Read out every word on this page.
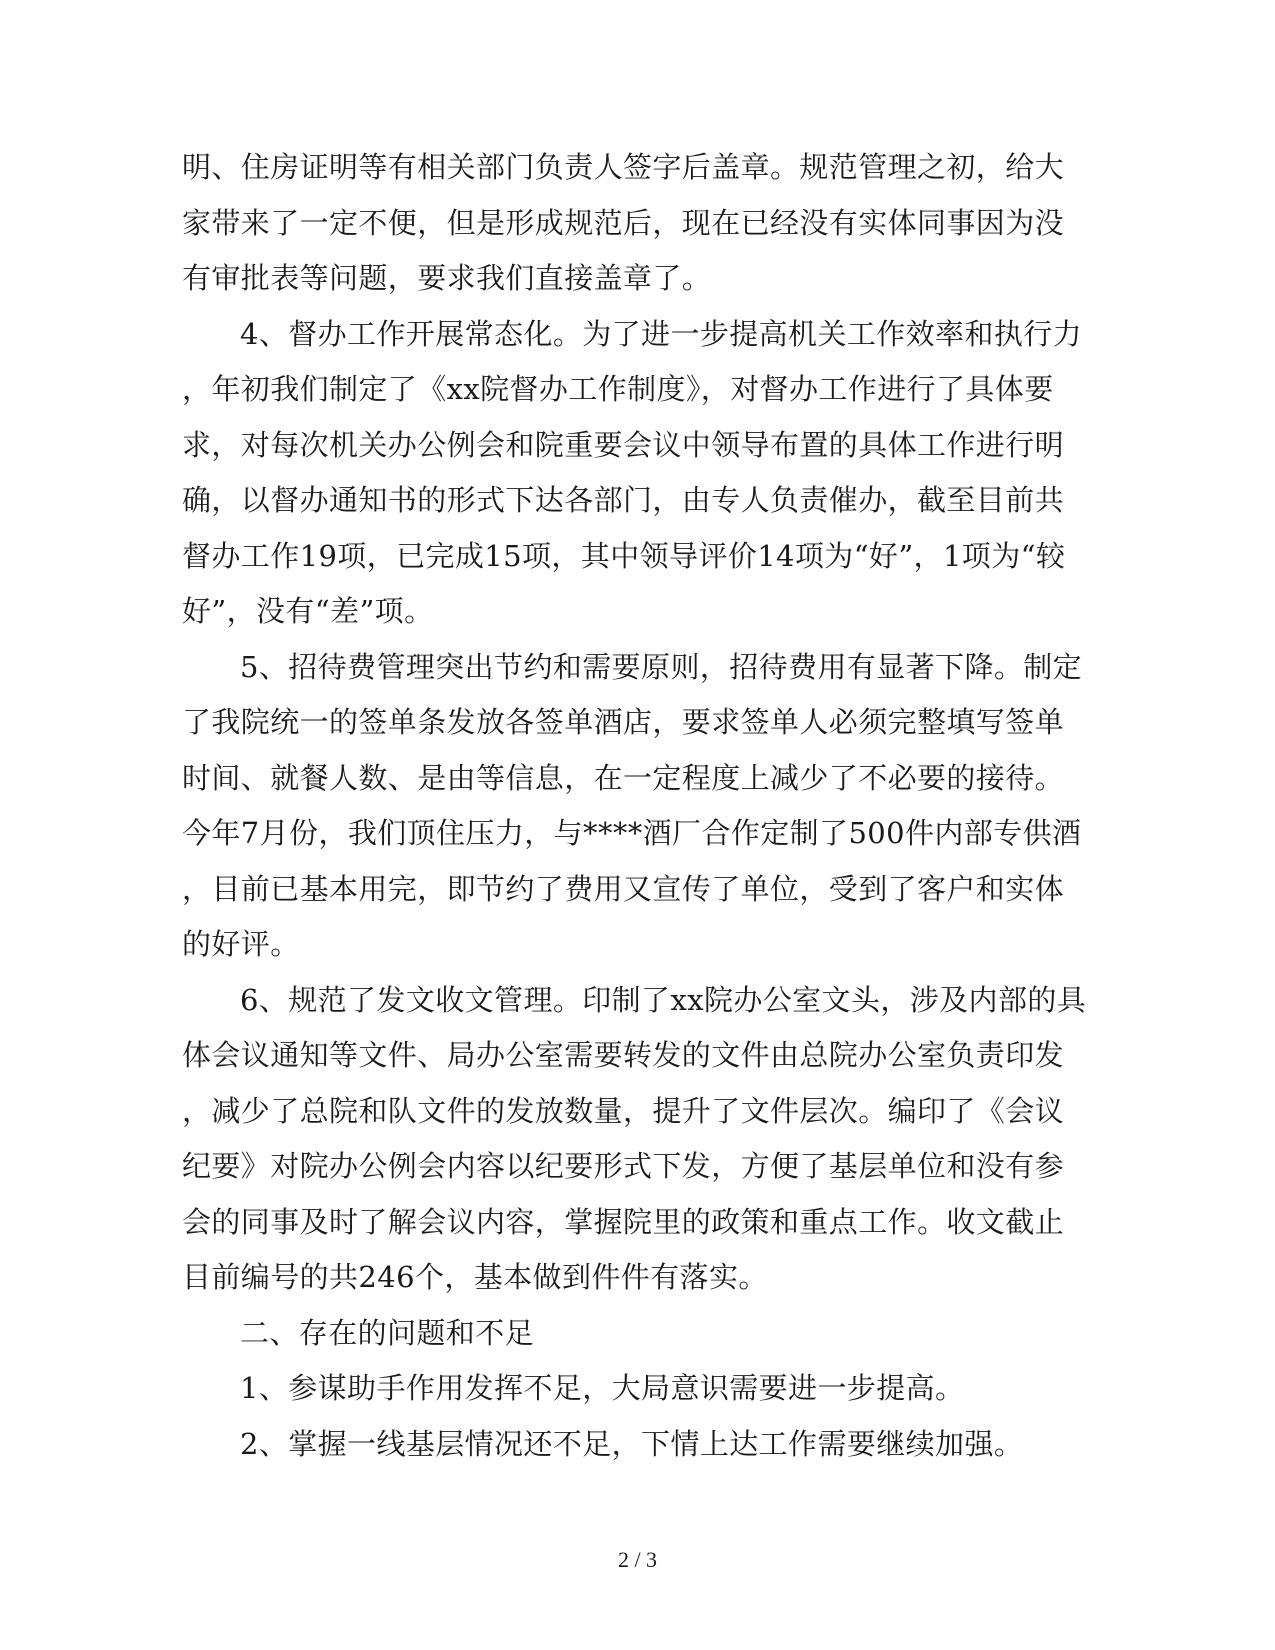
明、住房证明等有相关部门负责人签字后盖章。规范管理之初，给大
家带来了一定不便，但是形成规范后，现在已经没有实体同事因为没
有审批表等问题，要求我们直接盖章了。
4、督办工作开展常态化。为了进一步提高机关工作效率和执行力
，年初我们制定了《xx院督办工作制度》，对督办工作进行了具体要
求，对每次机关办公例会和院重要会议中领导布置的具体工作进行明
确，以督办通知书的形式下达各部门，由专人负责催办，截至目前共
督办工作19项，已完成15项，其中领导评价14项为“好”，1项为“较
好”，没有“差”项。
5、招待费管理突出节约和需要原则，招待费用有显著下降。制定
了我院统一的签单条发放各签单酒店，要求签单人必须完整填写签单
时间、就餐人数、是由等信息，在一定程度上减少了不必要的接待。
今年7月份，我们顶住压力，与****酒厂合作定制了500件内部专供酒
，目前已基本用完，即节约了费用又宣传了单位，受到了客户和实体
的好评。
6、规范了发文收文管理。印制了xx院办公室文头，涉及内部的具
体会议通知等文件、局办公室需要转发的文件由总院办公室负责印发
，减少了总院和队文件的发放数量，提升了文件层次。编印了《会议
纪要》对院办公例会内容以纪要形式下发，方便了基层单位和没有参
会的同事及时了解会议内容，掌握院里的政策和重点工作。收文截止
目前编号的共246个，基本做到件件有落实。
二、存在的问题和不足
1、参谋助手作用发挥不足，大局意识需要进一步提高。
2、掌握一线基层情况还不足，下情上达工作需要继续加强。
2 / 3
